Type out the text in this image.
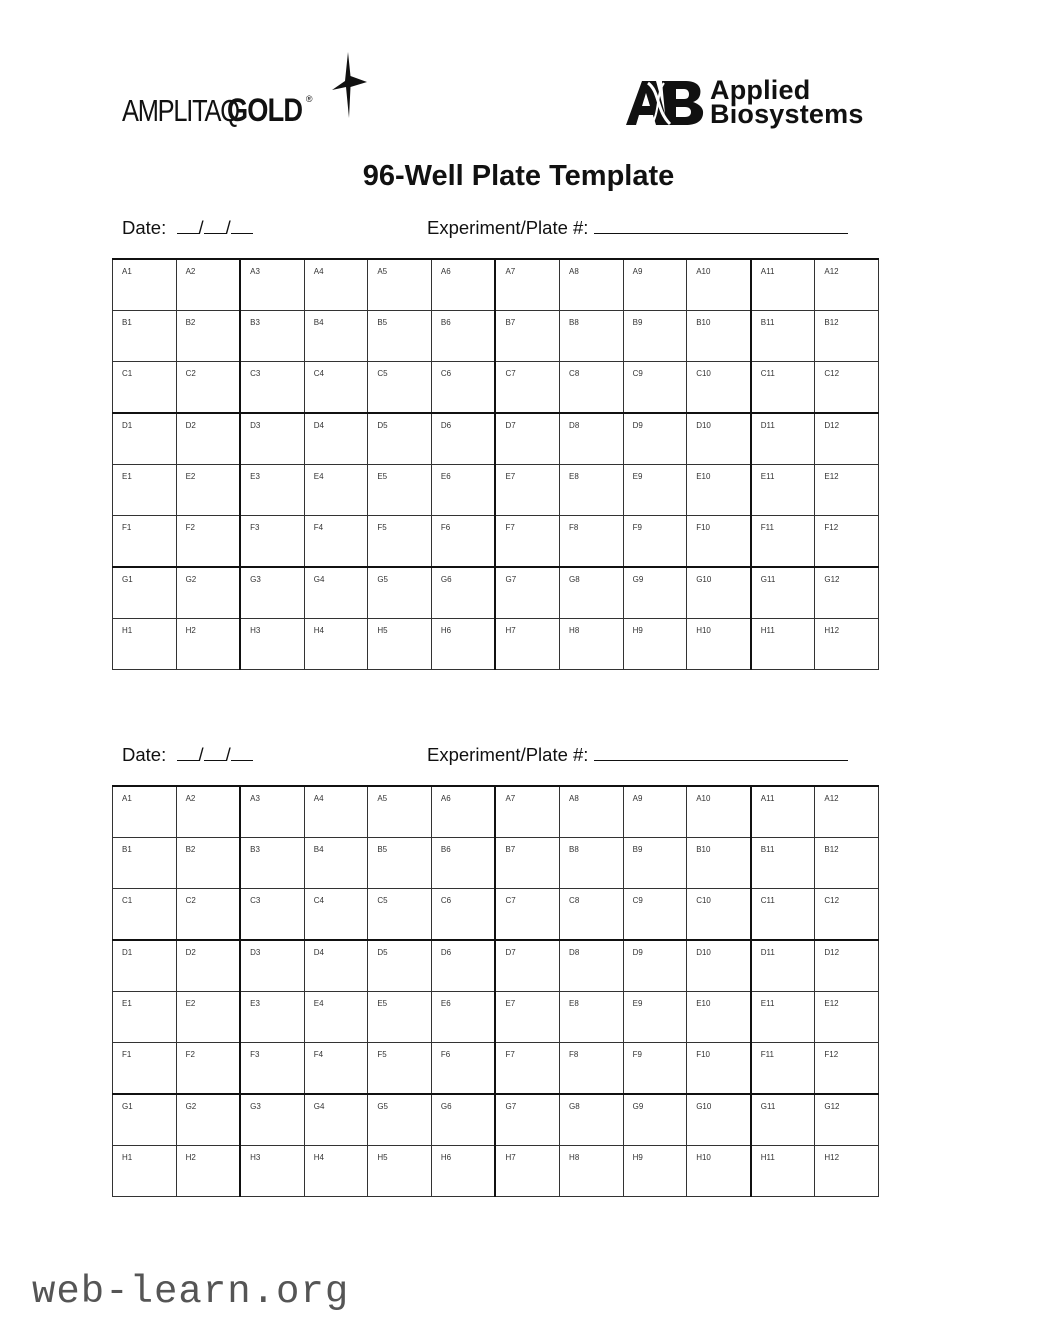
AMPLITAQ
GOLD ®	Applied
Biosystems
96-Well Plate Template
Date: / /	Experiment/Plate #:
A1	A2	A3	A4	A5	A6	A7	A8	A9	A10	A11	A12

B1	B2	B3	B4	B5	B6	B7	B8	B9	B10	B11	B12

C1	C2	C3	C4	C5	C6	C7	C8	C9	C10	C11	C12

D1	D2	D3	D4	D5	D6	D7	D8	D9	D10	D11	D12

E1	E2	E3	E4	E5	E6	E7	E8	E9	E10	E11	E12

F1	F2	F3	F4	F5	F6	F7	F8	F9	F10	F11	F12

G1	G2	G3	G4	G5	G6	G7	G8	G9	G10	G11	G12

H1	H2	H3	H4	H5	H6	H7	H8	H9	H10	H11	H12
Date: / /	Experiment/Plate #:
A1	A2	A3	A4	A5	A6	A7	A8	A9	A10	A11	A12

B1	B2	B3	B4	B5	B6	B7	B8	B9	B10	B11	B12

C1	C2	C3	C4	C5	C6	C7	C8	C9	C10	C11	C12

D1	D2	D3	D4	D5	D6	D7	D8	D9	D10	D11	D12

E1	E2	E3	E4	E5	E6	E7	E8	E9	E10	E11	E12

F1	F2	F3	F4	F5	F6	F7	F8	F9	F10	F11	F12

G1	G2	G3	G4	G5	G6	G7	G8	G9	G10	G11	G12

H1	H2	H3	H4	H5	H6	H7	H8	H9	H10	H11	H12
web-learn.org
